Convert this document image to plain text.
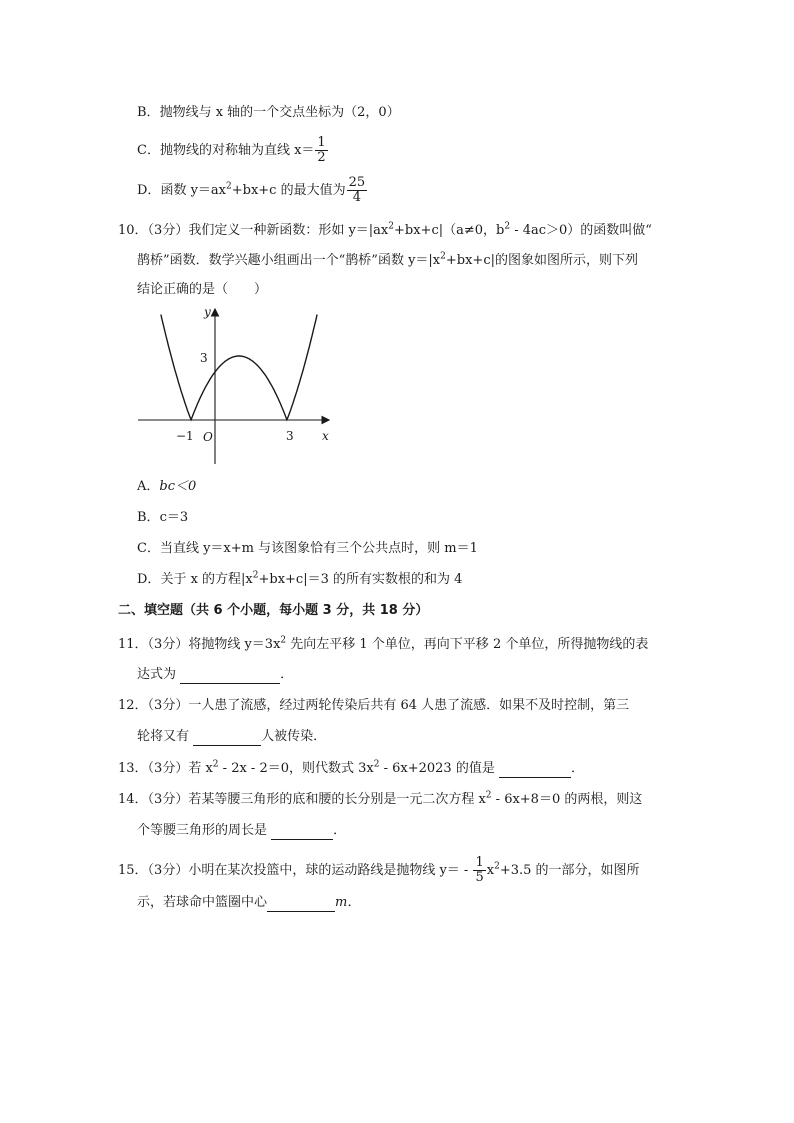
B．抛物线与 x 轴的一个交点坐标为（2，0）
C．抛物线的对称轴为直线 $x= \frac{1}{2}$
D．函数 $y=ax^2+bx+c$ 的最大值为 $\frac{25}{4}$
10．（3分）我们定义一种新函数：形如 $y=|ax^2+bx+c|(a\ne 0$，$b^2 - 4ac>0$）的函数叫做“
鹊桥”函数．数学兴趣小组画出一个“鹊桥”函数 $y=|x^2+bx+c|$的图象如图所示，则下列
结论正确的是（　　）
y
x
O
−1	3
3
A．bc＜0
B．c＝3
C．当直线 y＝x+m 与该图象恰有三个公共点时，则 m＝1
D．关于 x 的方程$|x^2+bx+c|=3$ 的所有实数根的和为 4
二、填空题（共 6 个小题，每小题 3 分，共 18 分）
11．（3分）将抛物线 $y=3x^2$ 先向左平移 1 个单位，再向下平移 2 个单位，所得抛物线的表
达式为	．
12．（3分）一人患了流感，经过两轮传染后共有 64 人患了流感．如果不及时控制，第三
轮将又有	人被传染．
13．（3分）若 $x^2 - 2x - 2=0$，则代数式 $3x^2 - 6x+2023$ 的值是	．
14．（3分）若某等腰三角形的底和腰的长分别是一元二次方程 $x^2 - 6x+8=0$ 的两根，则这
个等腰三角形的周长是	．
15．（3分）小明在某次投篮中，球的运动路线是抛物线 $y= - \frac{1}{5} x^2+3.5$ 的一部分，如图所
示，若球命中篮圈中心	m．
